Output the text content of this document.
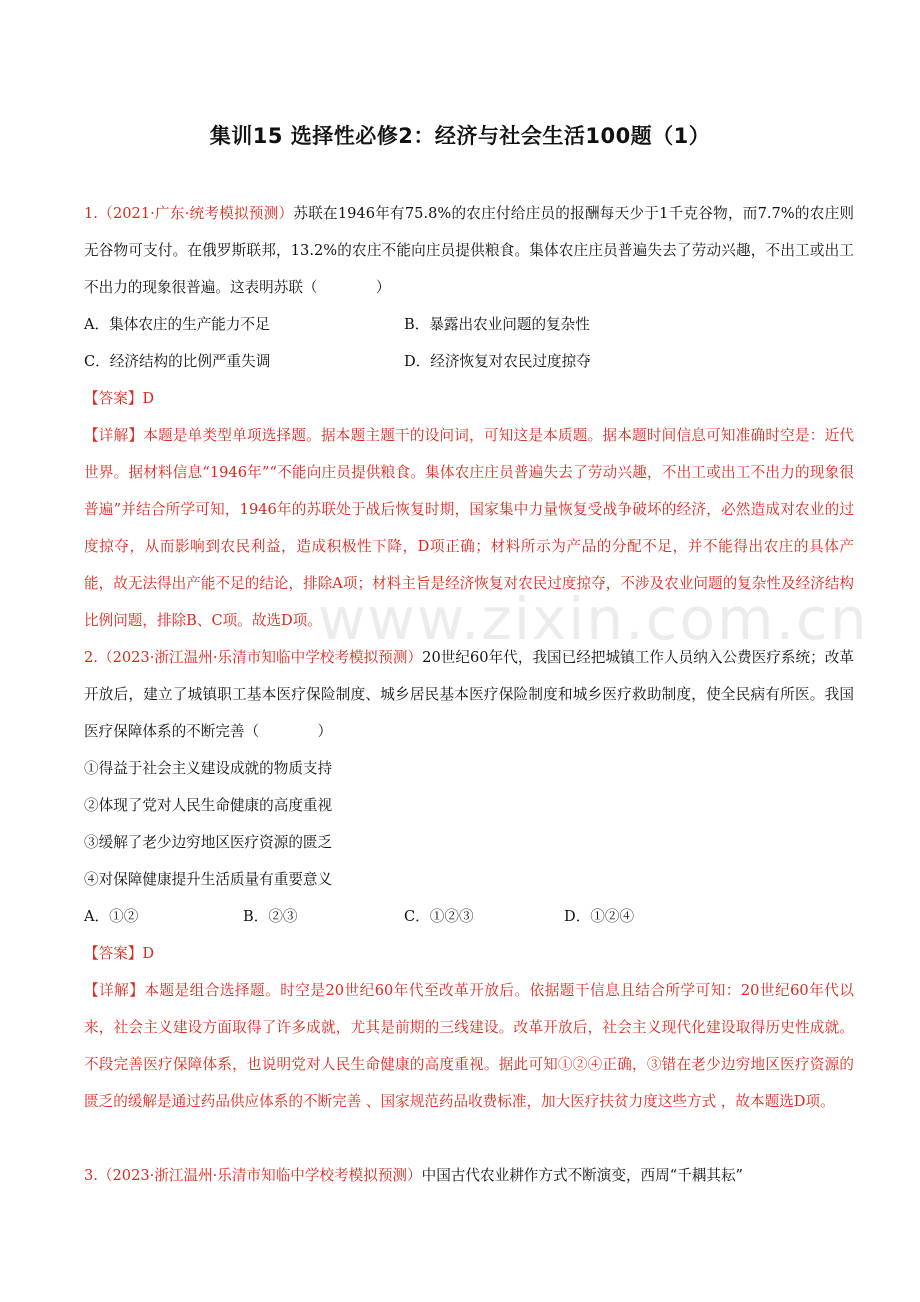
www.zixin.com.cn
集训15 选择性必修2：经济与社会生活100题（1）
1.（2021·广东·统考模拟预测）苏联在1946年有75.8%的农庄付给庄员的报酬每天少于1千克谷物，而7.7%的农庄则无谷物可支付。在俄罗斯联邦，13.2%的农庄不能向庄员提供粮食。集体农庄庄员普遍失去了劳动兴趣，不出工或出工不出力的现象很普遍。这表明苏联（　　　　）
A．集体农庄的生产能力不足	B．暴露出农业问题的复杂性
C．经济结构的比例严重失调	D．经济恢复对农民过度掠夺
【答案】D
【详解】本题是单类型单项选择题。据本题主题干的设问词，可知这是本质题。据本题时间信息可知准确时空是：近代世界。据材料信息“1946年”“不能向庄员提供粮食。集体农庄庄员普遍失去了劳动兴趣，不出工或出工不出力的现象很普遍”并结合所学可知，1946年的苏联处于战后恢复时期，国家集中力量恢复受战争破坏的经济，必然造成对农业的过度掠夺，从而影响到农民利益，造成积极性下降，D项正确；材料所示为产品的分配不足，并不能得出农庄的具体产能，故无法得出产能不足的结论，排除A项；材料主旨是经济恢复对农民过度掠夺，不涉及农业问题的复杂性及经济结构比例问题，排除B、C项。故选D项。
2.（2023·浙江温州·乐清市知临中学校考模拟预测）20世纪60年代，我国已经把城镇工作人员纳入公费医疗系统；改革开放后，建立了城镇职工基本医疗保险制度、城乡居民基本医疗保险制度和城乡医疗救助制度，使全民病有所医。我国医疗保障体系的不断完善（　　　　）
①得益于社会主义建设成就的物质支持
②体现了党对人民生命健康的高度重视
③缓解了老少边穷地区医疗资源的匮乏
④对保障健康提升生活质量有重要意义
A．①②	B．②③	C．①②③	D．①②④
【答案】D
【详解】本题是组合选择题。时空是20世纪60年代至改革开放后。依据题干信息且结合所学可知：20世纪60年代以来，社会主义建设方面取得了许多成就，尤其是前期的三线建设。改革开放后，社会主义现代化建设取得历史性成就。不段完善医疗保障体系，也说明党对人民生命健康的高度重视。据此可知①②④正确，③错在老少边穷地区医疗资源的匮乏的缓解是通过药品供应体系的不断完善 、国家规范药品收费标准，加大医疗扶贫力度这些方式 ，故本题选D项。
3.（2023·浙江温州·乐清市知临中学校考模拟预测）中国古代农业耕作方式不断演变，西周“千耦其耘”
